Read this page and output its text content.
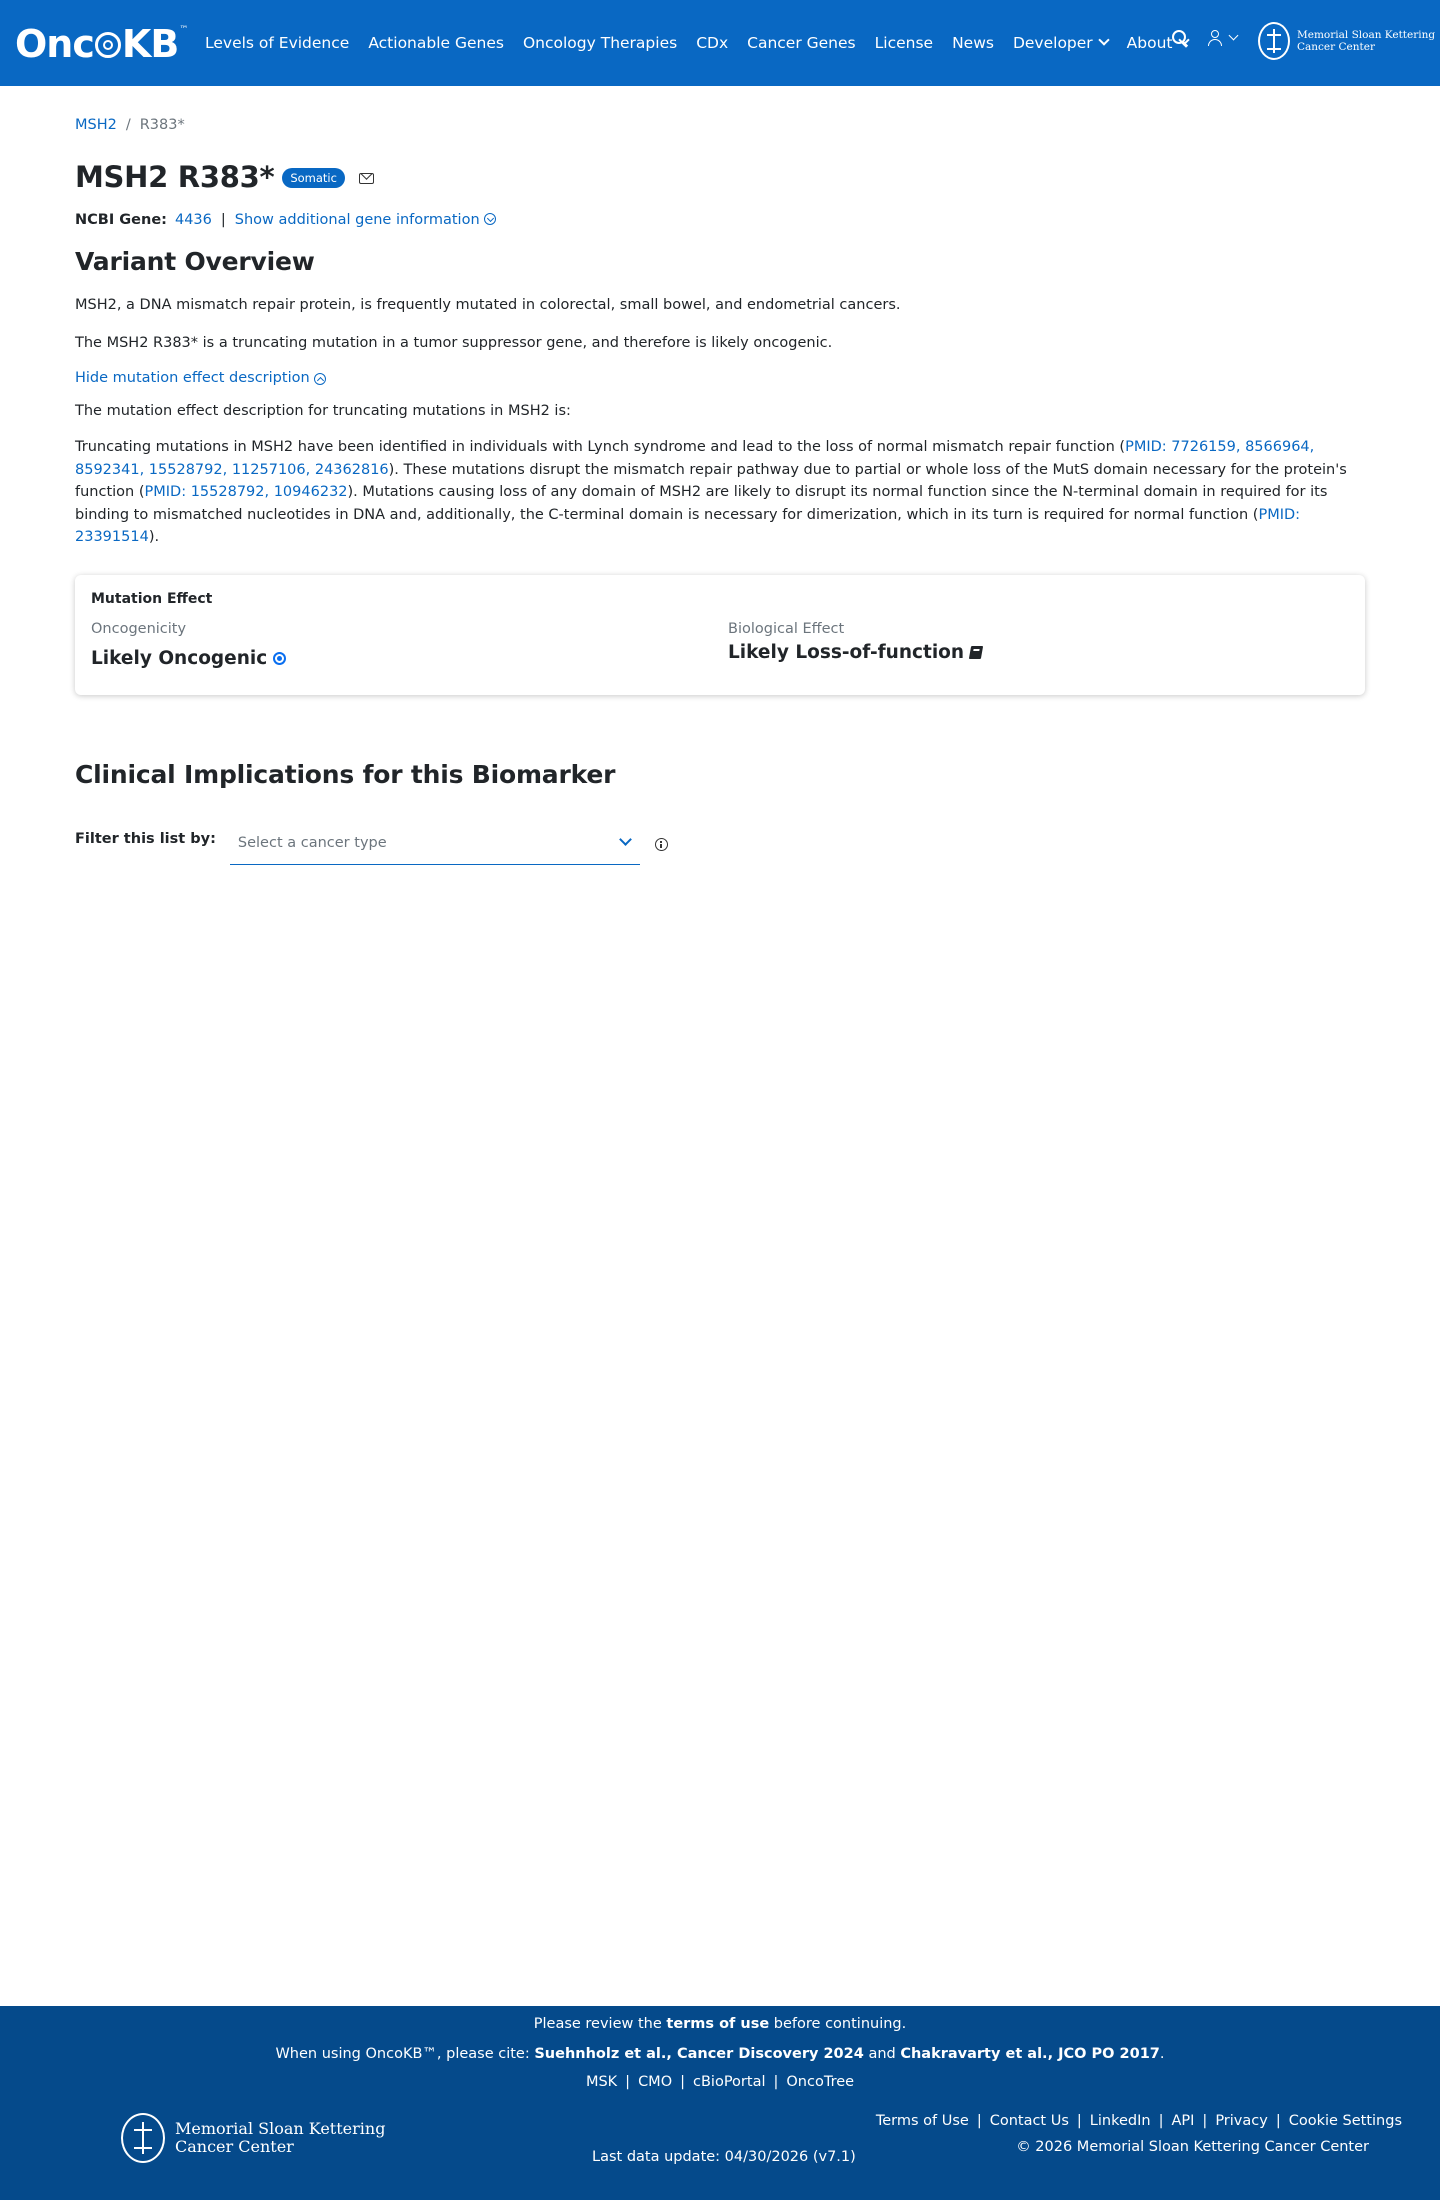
Onc KB ™
Levels of Evidence Actionable Genes Oncology Therapies CDx Cancer Genes License News Developer About	Memorial Sloan Kettering
Cancer Center
MSH2 / R383*
MSH2 R383*	Somatic
NCBI Gene: 4436 | Show additional gene information
Variant Overview
MSH2, a DNA mismatch repair protein, is frequently mutated in colorectal, small bowel, and endometrial cancers.
The MSH2 R383* is a truncating mutation in a tumor suppressor gene, and therefore is likely oncogenic.
Hide mutation effect description
The mutation effect description for truncating mutations in MSH2 is:
Truncating mutations in MSH2 have been identified in individuals with Lynch syndrome and lead to the loss of normal mismatch repair function (PMID: 7726159, 8566964, 8592341, 15528792, 11257106, 24362816). These mutations disrupt the mismatch repair pathway due to partial or whole loss of the MutS domain necessary for the protein's function (PMID: 15528792, 10946232). Mutations causing loss of any domain of MSH2 are likely to disrupt its normal function since the N-terminal domain in required for its binding to mismatched nucleotides in DNA and, additionally, the C-terminal domain is necessary for dimerization, which in its turn is required for normal function (PMID: 23391514).
Mutation Effect
Oncogenicity
Likely Oncogenic
Biological Effect
Likely Loss-of-function
Clinical Implications for this Biomarker
Filter this list by: Select a cancer type
Please review the terms of use before continuing.
When using OncoKB™, please cite: Suehnholz et al., Cancer Discovery 2024 and Chakravarty et al., JCO PO 2017.
MSK | CMO | cBioPortal | OncoTree
Memorial Sloan Kettering
Cancer Center
Last data update: 04/30/2026 (v7.1)
Terms of Use | Contact Us | LinkedIn | API | Privacy | Cookie Settings
© 2026 Memorial Sloan Kettering Cancer Center
